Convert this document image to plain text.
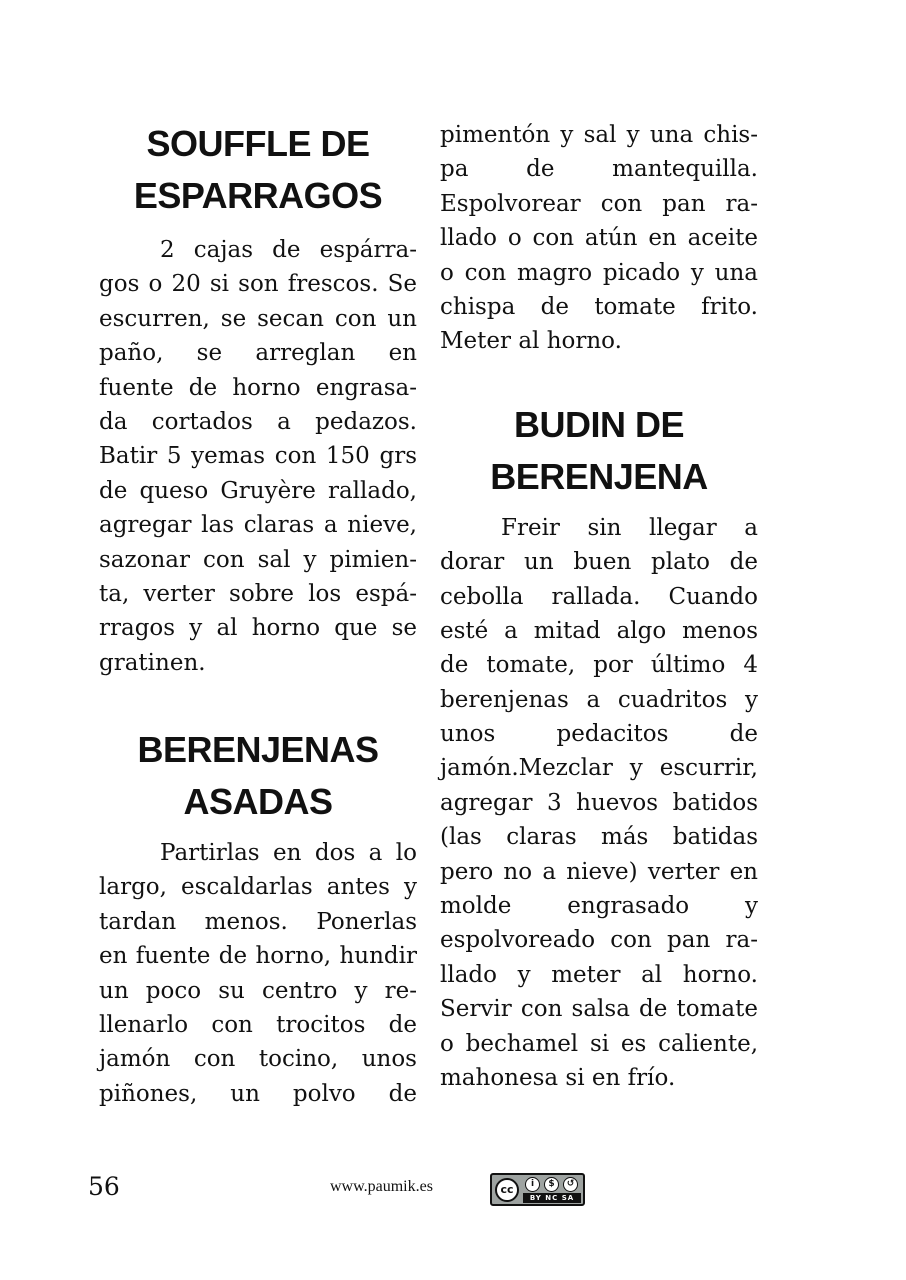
SOUFFLE DE
ESPARRAGOS
2 cajas de espárra-
gos o 20 si son frescos. Se
escurren, se secan con un
paño, se arreglan en
fuente de horno engrasa-
da cortados a pedazos.
Batir 5 yemas con 150 grs
de queso Gruyère rallado,
agregar las claras a nieve,
sazonar con sal y pimien-
ta, verter sobre los espá-
rragos y al horno que se
gratinen.
BERENJENAS
ASADAS
Partirlas en dos a lo
largo, escaldarlas antes y
tardan menos. Ponerlas
en fuente de horno, hundir
un poco su centro y re-
llenarlo con trocitos de
jamón con tocino, unos
piñones, un polvo de
pimentón y sal y una chis-
pa de mantequilla.
Espolvorear con pan ra-
llado o con atún en aceite
o con magro picado y una
chispa de tomate frito.
Meter al horno.
BUDIN DE
BERENJENA
Freir sin llegar a
dorar un buen plato de
cebolla rallada. Cuando
esté a mitad algo menos
de tomate, por último 4
berenjenas a cuadritos y
unos pedacitos de
jamón.Mezclar y escurrir,
agregar 3 huevos batidos
(las claras más batidas
pero no a nieve) verter en
molde engrasado y
espolvoreado con pan ra-
llado y meter al horno.
Servir con salsa de tomate
o bechamel si es caliente,
mahonesa si en frío.
56	www.paumik.es	cc	i	$	↺
BY NC SA
